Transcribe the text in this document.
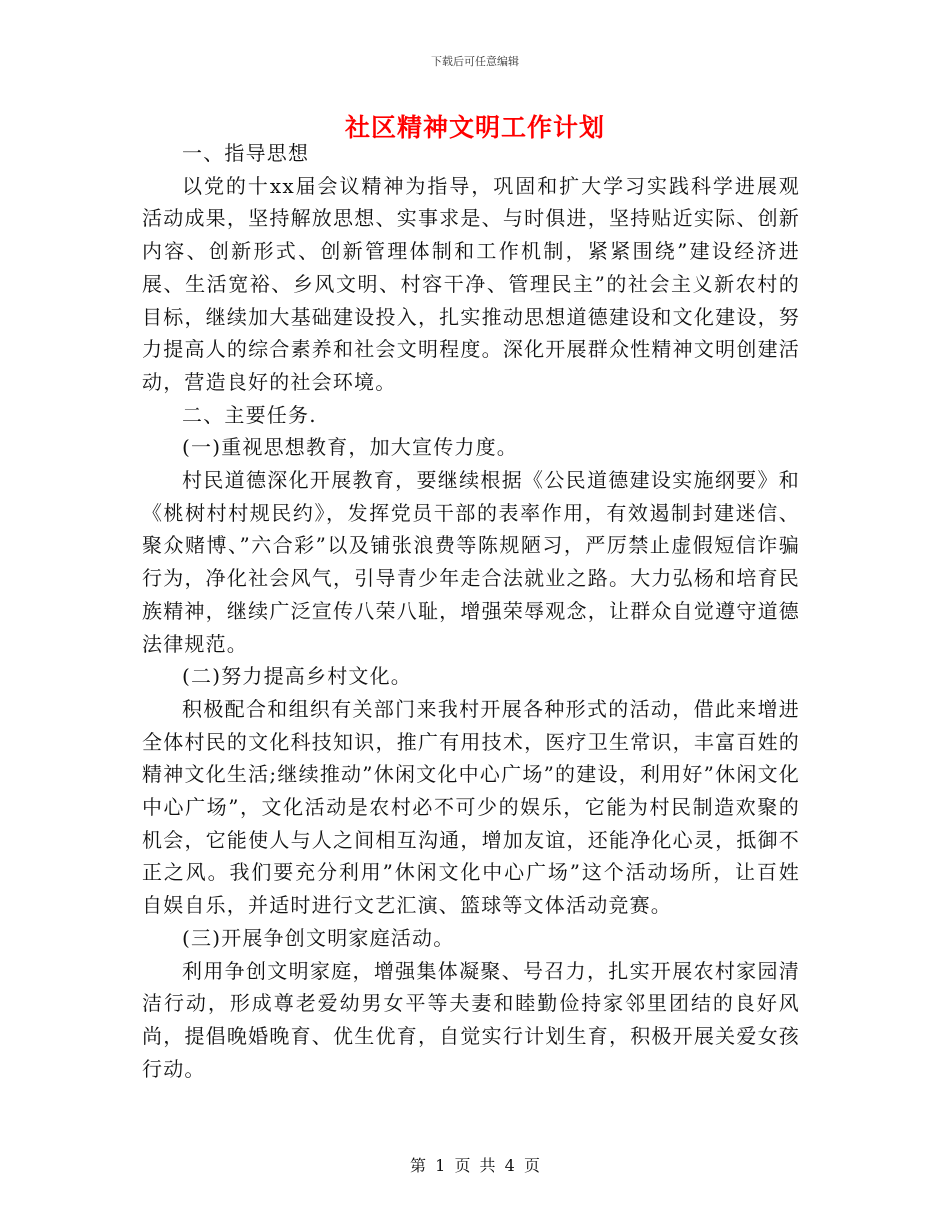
下载后可任意编辑
社区精神文明工作计划

一、指导思想

以党的十xx届会议精神为指导，巩固和扩大学习实践科学进展观活动成果，坚持解放思想、实事求是、与时俱进，坚持贴近实际、创新内容、创新形式、创新管理体制和工作机制，紧紧围绕”建设经济进展、生活宽裕、乡风文明、村容干净、管理民主”的社会主义新农村的目标，继续加大基础建设投入，扎实推动思想道德建设和文化建设，努力提高人的综合素养和社会文明程度。深化开展群众性精神文明创建活动，营造良好的社会环境。

二、主要任务.

(一)重视思想教育，加大宣传力度。

村民道德深化开展教育，要继续根据《公民道德建设实施纲要》和《桃树村村规民约》，发挥党员干部的表率作用，有效遏制封建迷信、聚众赌博、”六合彩”以及铺张浪费等陈规陋习，严厉禁止虚假短信诈骗行为，净化社会风气，引导青少年走合法就业之路。大力弘杨和培育民族精神，继续广泛宣传八荣八耻，增强荣辱观念，让群众自觉遵守道德法律规范。

(二)努力提高乡村文化。

积极配合和组织有关部门来我村开展各种形式的活动，借此来增进全体村民的文化科技知识，推广有用技术，医疗卫生常识，丰富百姓的精神文化生活;继续推动”休闲文化中心广场”的建设，利用好”休闲文化中心广场”，文化活动是农村必不可少的娱乐，它能为村民制造欢聚的机会，它能使人与人之间相互沟通，增加友谊，还能净化心灵，抵御不正之风。我们要充分利用”休闲文化中心广场”这个活动场所，让百姓自娱自乐，并适时进行文艺汇演、篮球等文体活动竞赛。

(三)开展争创文明家庭活动。

利用争创文明家庭，增强集体凝聚、号召力，扎实开展农村家园清洁行动，形成尊老爱幼男女平等夫妻和睦勤俭持家邻里团结的良好风尚，提倡晚婚晚育、优生优育，自觉实行计划生育，积极开展关爱女孩行动。

第 1 页 共 4 页
